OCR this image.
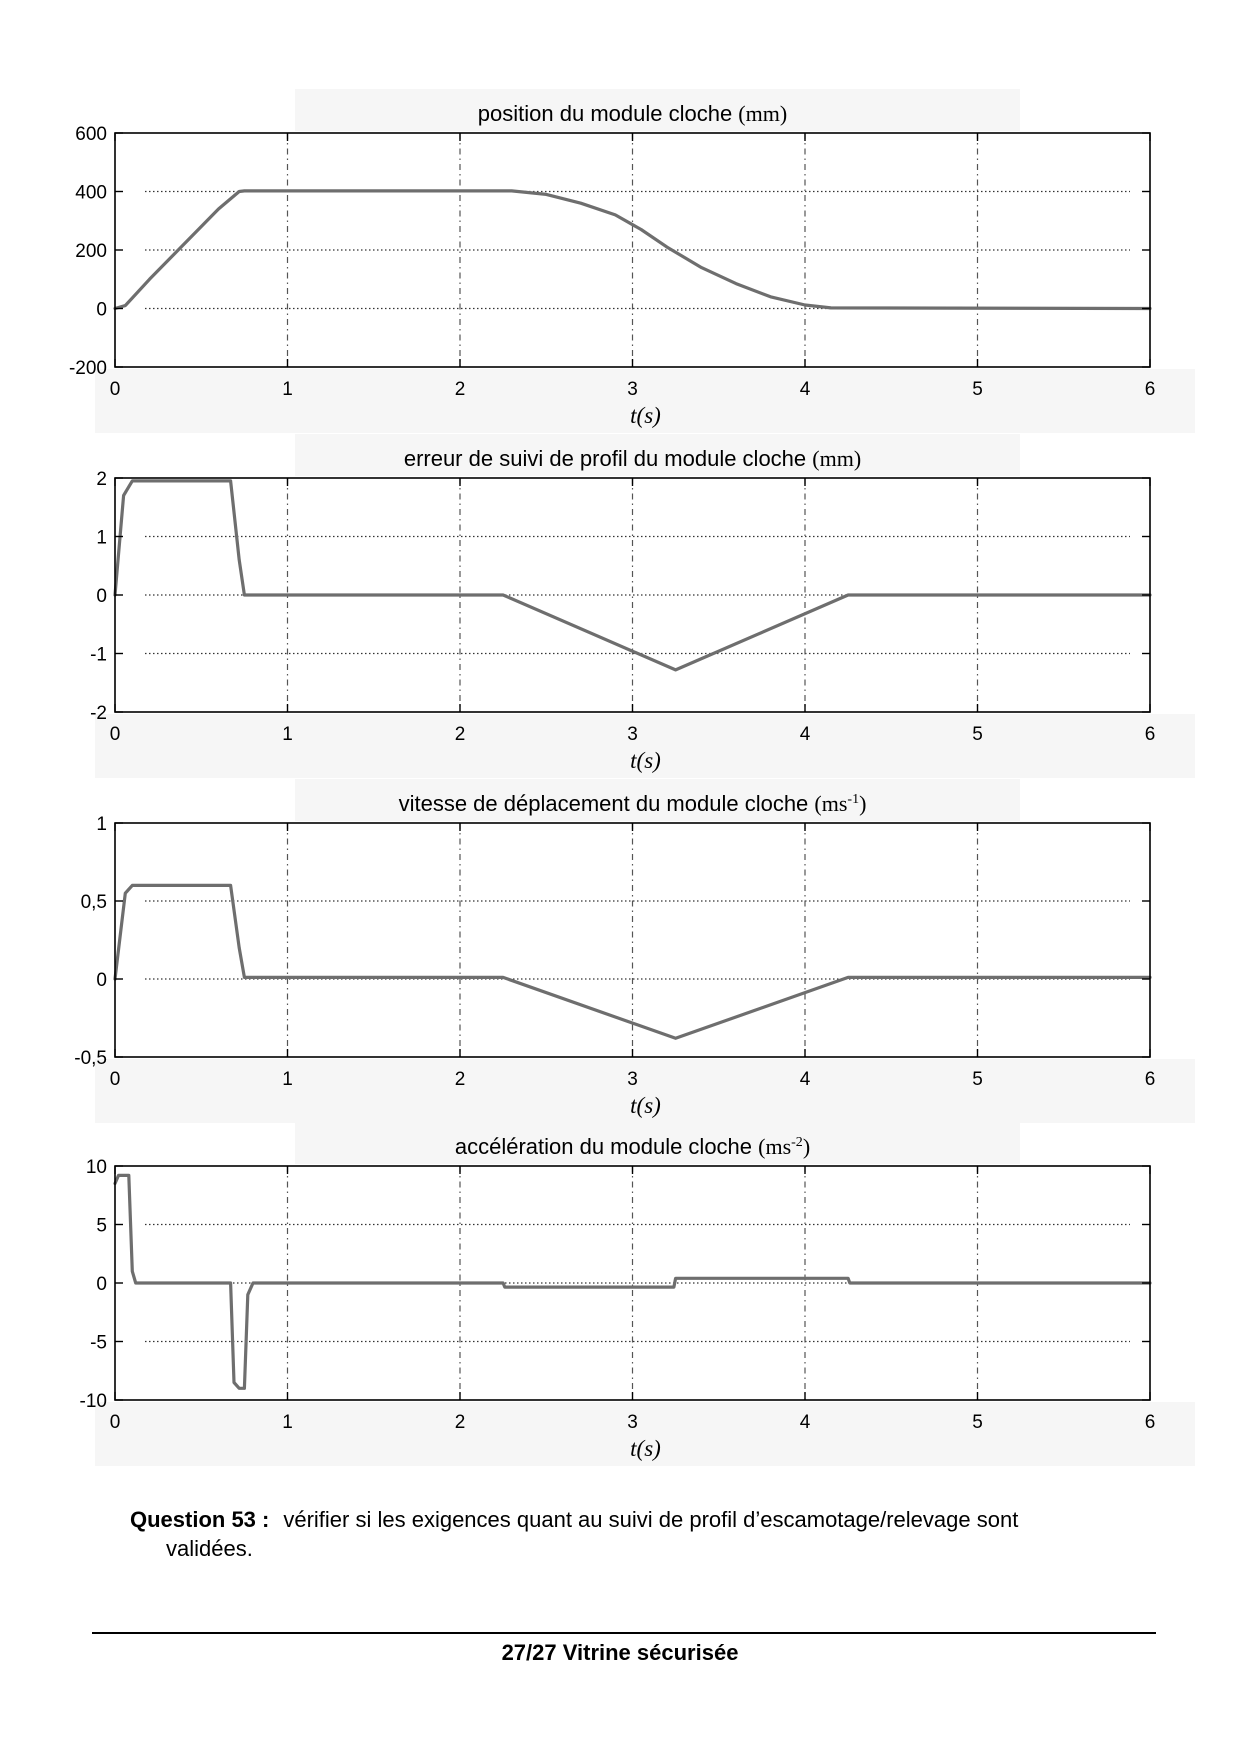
position du module cloche (mm)
600
400
200
0
-200
0	1	2	3	4	5	6
t(s)
erreur de suivi de profil du module cloche (mm)
2
1
0
-1
-2
0	1	2	3	4	5	6
t(s)
vitesse de déplacement du module cloche $(ms^{-1})$
1
0,5
0
-0,5
0	1	2	3	4	5	6
t(s)
accélération du module cloche $(ms^{-2})$
10
5
0
-5
-10
0	1	2	3	4	5	6
t(s)
Question 53 : vérifier si les exigences quant au suivi de profil d’escamotage/relevage sont
validées.
27/27 Vitrine sécurisée
